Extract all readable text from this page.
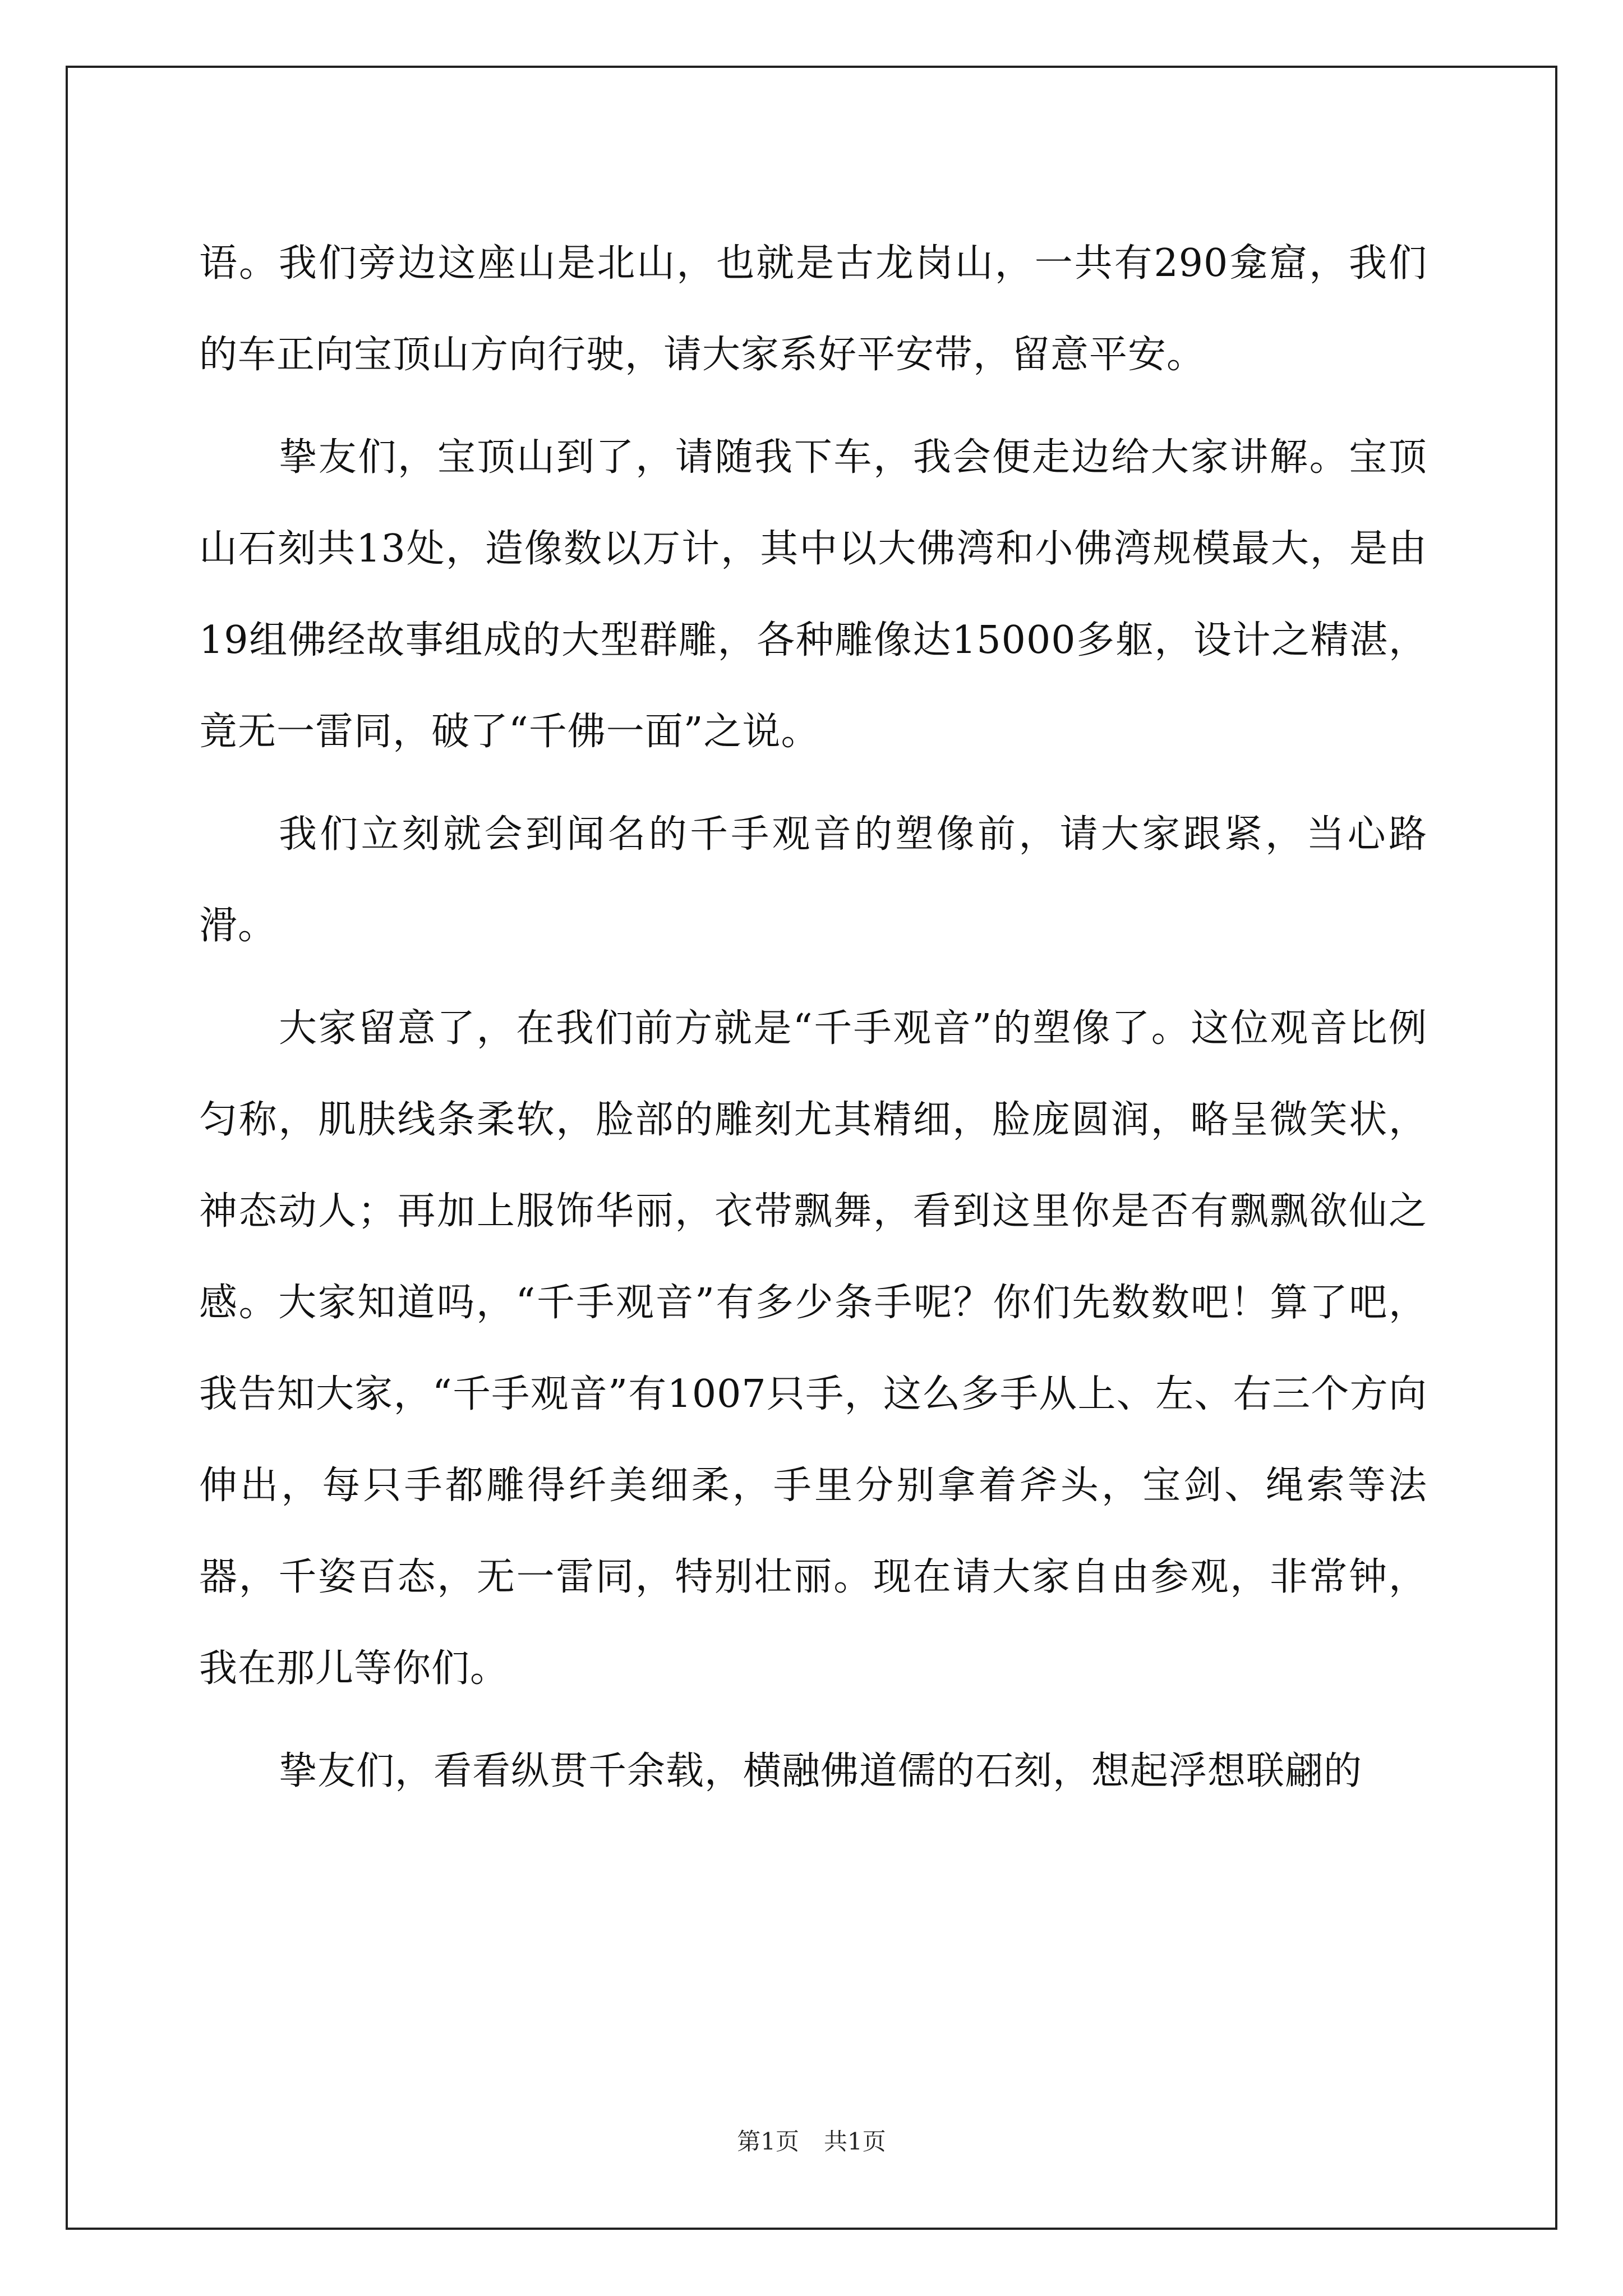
语。我们旁边这座山是北山，也就是古龙岗山，一共有290龛窟，我们的车正向宝顶山方向行驶，请大家系好平安带，留意平安。

挚友们，宝顶山到了，请随我下车，我会便走边给大家讲解。宝顶山石刻共13处，造像数以万计，其中以大佛湾和小佛湾规模最大，是由19组佛经故事组成的大型群雕，各种雕像达15000多躯，设计之精湛，竟无一雷同，破了“千佛一面”之说。

我们立刻就会到闻名的千手观音的塑像前，请大家跟紧，当心路滑。

大家留意了，在我们前方就是“千手观音”的塑像了。这位观音比例匀称，肌肤线条柔软，脸部的雕刻尤其精细，脸庞圆润，略呈微笑状，神态动人；再加上服饰华丽，衣带飘舞，看到这里你是否有飘飘欲仙之感。大家知道吗，“千手观音”有多少条手呢？你们先数数吧！算了吧，我告知大家，“千手观音”有1007只手，这么多手从上、左、右三个方向伸出，每只手都雕得纤美细柔，手里分别拿着斧头，宝剑、绳索等法器，千姿百态，无一雷同，特别壮丽。现在请大家自由参观，非常钟，我在那儿等你们。

挚友们，看看纵贯千余载，横融佛道儒的石刻，想起浮想联翩的

第1页 共1页
